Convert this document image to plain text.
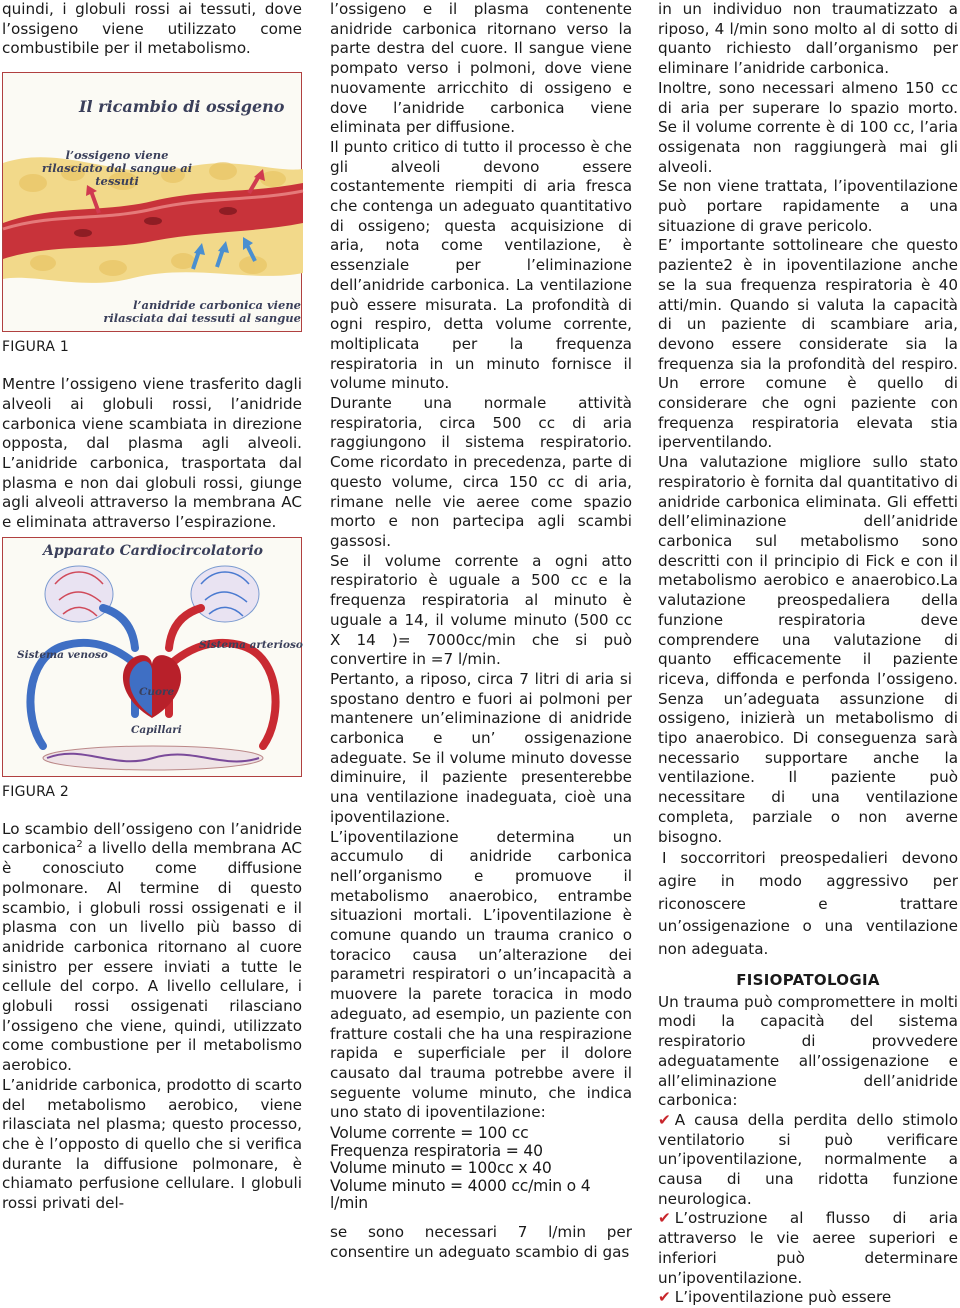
quindi, i globuli rossi ai tessuti, dove l’ossigeno viene utilizzato come combustibile per il metabolismo.

Il ricambio di ossigeno
l’ossigeno viene rilasciato dal sangue ai tessuti
l’anidride carbonica viene rilasciata dai tessuti al sangue

FIGURA 1

Mentre l’ossigeno viene trasferito dagli alveoli ai globuli rossi, l’anidride carbonica viene scambiata in direzione opposta, dal plasma agli alveoli. L’anidride carbonica, trasportata dal plasma e non dai globuli rossi, giunge agli alveoli attraverso la membrana AC e eliminata attraverso l’espirazione.

Apparato Cardiocircolatorio
Sistema venoso
Sistema arterioso
Cuore
Capillari

FIGURA 2

Lo scambio dell’ossigeno con l’anidride carbonica$^2$ a livello della membrana AC è conosciuto come diffusione polmonare. Al termine di questo scambio, i globuli rossi ossigenati e il plasma con un livello più basso di anidride carbonica ritornano al cuore sinistro per essere inviati a tutte le cellule del corpo. A livello cellulare, i globuli rossi ossigenati rilasciano l’ossigeno che viene, quindi, utilizzato come combustione per il metabolismo aerobico.

L’anidride carbonica, prodotto di scarto del metabolismo aerobico, viene rilasciata nel plasma; questo processo, che è l’opposto di quello che si verifica durante la diffusione polmonare, è chiamato perfusione cellulare. I globuli rossi privati del-

l’ossigeno e il plasma contenente anidride carbonica ritornano verso la parte destra del cuore. Il sangue viene pompato verso i polmoni, dove viene nuovamente arricchito di ossigeno e dove l’anidride carbonica viene eliminata per diffusione.

Il punto critico di tutto il processo è che gli alveoli devono essere costantemente riempiti di aria fresca che contenga un adeguato quantitativo di ossigeno; questa acquisizione di aria, nota come ventilazione, è essenziale per l’eliminazione dell’anidride carbonica. La ventilazione può essere misurata. La profondità di ogni respiro, detta volume corrente, moltiplicata per la frequenza respiratoria in un minuto fornisce il volume minuto.

Durante una normale attività respiratoria, circa 500 cc di aria raggiungono il sistema respiratorio. Come ricordato in precedenza, parte di questo volume, circa 150 cc di aria, rimane nelle vie aeree come spazio morto e non partecipa agli scambi gassosi.

Se il volume corrente a ogni atto respiratorio è uguale a 500 cc e la frequenza respiratoria al minuto è uguale a 14, il volume minuto (500 cc X 14 )= 7000cc/min che si può convertire in =7 l/min.

Pertanto, a riposo, circa 7 litri di aria si spostano dentro e fuori ai polmoni per mantenere un’eliminazione di anidride carbonica e un’ ossigenazione adeguate. Se il volume minuto dovesse diminuire, il paziente presenterebbe una ventilazione inadeguata, cioè una ipoventilazione.

L’ipoventilazione determina un accumulo di anidride carbonica nell’organismo e promuove il metabolismo anaerobico, entrambe situazioni mortali. L’ipoventilazione è comune quando un trauma cranico o toracico causa un’alterazione dei parametri respiratori o un’incapacità a muovere la parete toracica in modo adeguato, ad esempio, un paziente con fratture costali che ha una respirazione rapida e superficiale per il dolore causato dal trauma potrebbe avere il seguente volume minuto, che indica uno stato di ipoventilazione:

Volume corrente = 100 cc
Frequenza respiratoria = 40
Volume minuto = 100cc x 40
Volume minuto = 4000 cc/min o 4 l/min

se sono necessari 7 l/min per consentire un adeguato scambio di gas

in un individuo non traumatizzato a riposo, 4 l/min sono molto al di sotto di quanto richiesto dall’organismo per eliminare l’anidride carbonica.

Inoltre, sono necessari almeno 150 cc di aria per superare lo spazio morto. Se il volume corrente è di 100 cc, l’aria ossigenata non raggiungerà mai gli alveoli.

Se non viene trattata, l’ipoventilazione può portare rapidamente a una situazione di grave pericolo.

E’ importante sottolineare che questo paziente2 è in ipoventilazione anche se la sua frequenza respiratoria è 40 atti/min. Quando si valuta la capacità di un paziente di scambiare aria, devono essere considerate sia la frequenza sia la profondità del respiro. Un errore comune è quello di considerare che ogni paziente con frequenza respiratoria elevata stia iperventilando.

Una valutazione migliore sullo stato respiratorio è fornita dal quantitativo di anidride carbonica eliminata. Gli effetti dell’eliminazione dell’anidride carbonica sul metabolismo sono descritti con il principio di Fick e con il metabolismo aerobico e anaerobico.La valutazione preospedaliera della funzione respiratoria deve comprendere una valutazione di quanto efficacemente il paziente riceva, diffonda e perfonda l’ossigeno. Senza un’adeguata assunzione di ossigeno, inizierà un metabolismo di tipo anaerobico. Di conseguenza sarà necessario supportare anche la ventilazione. Il paziente può necessitare di una ventilazione completa, parziale o non averne bisogno.

I soccorritori preospedalieri devono agire in modo aggressivo per riconoscere e trattare un’ossigenazione o una ventilazione non adeguata.

FISIOPATOLOGIA

Un trauma può compromettere in molti modi la capacità del sistema respiratorio di provvedere adeguatamente all’ossigenazione e all’eliminazione dell’anidride carbonica:

✔ A causa della perdita dello stimolo ventilatorio si può verificare un’ipoventilazione, normalmente a causa di una ridotta funzione neurologica.

✔ L’ostruzione al flusso di aria attraverso le vie aeree superiori e inferiori può determinare un’ipoventilazione.

✔ L’ipoventilazione può essere
